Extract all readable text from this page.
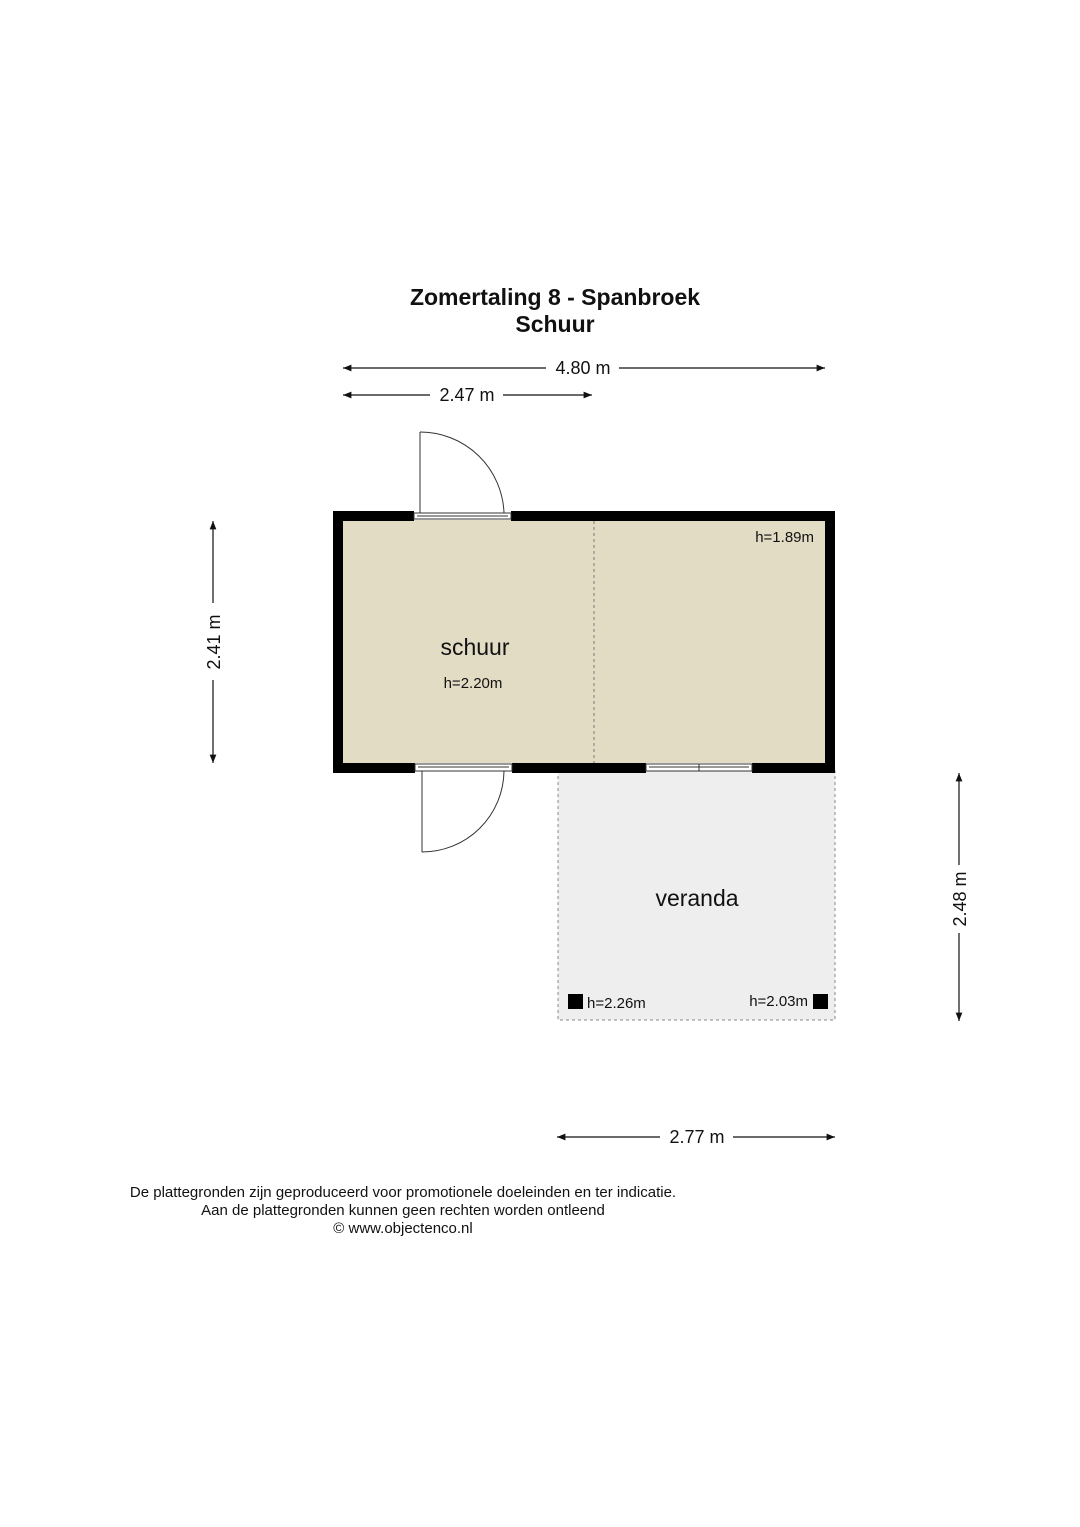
Zomertaling 8 - Spanbroek
Schuur
schuur
h=2.20m
h=1.89m
veranda
h=2.26m	h=2.03m
4.80 m
2.47 m
2.41 m
2.48 m
2.77 m
De plattegronden zijn geproduceerd voor promotionele doeleinden en ter indicatie.
Aan de plattegronden kunnen geen rechten worden ontleend
© www.objectenco.nl
